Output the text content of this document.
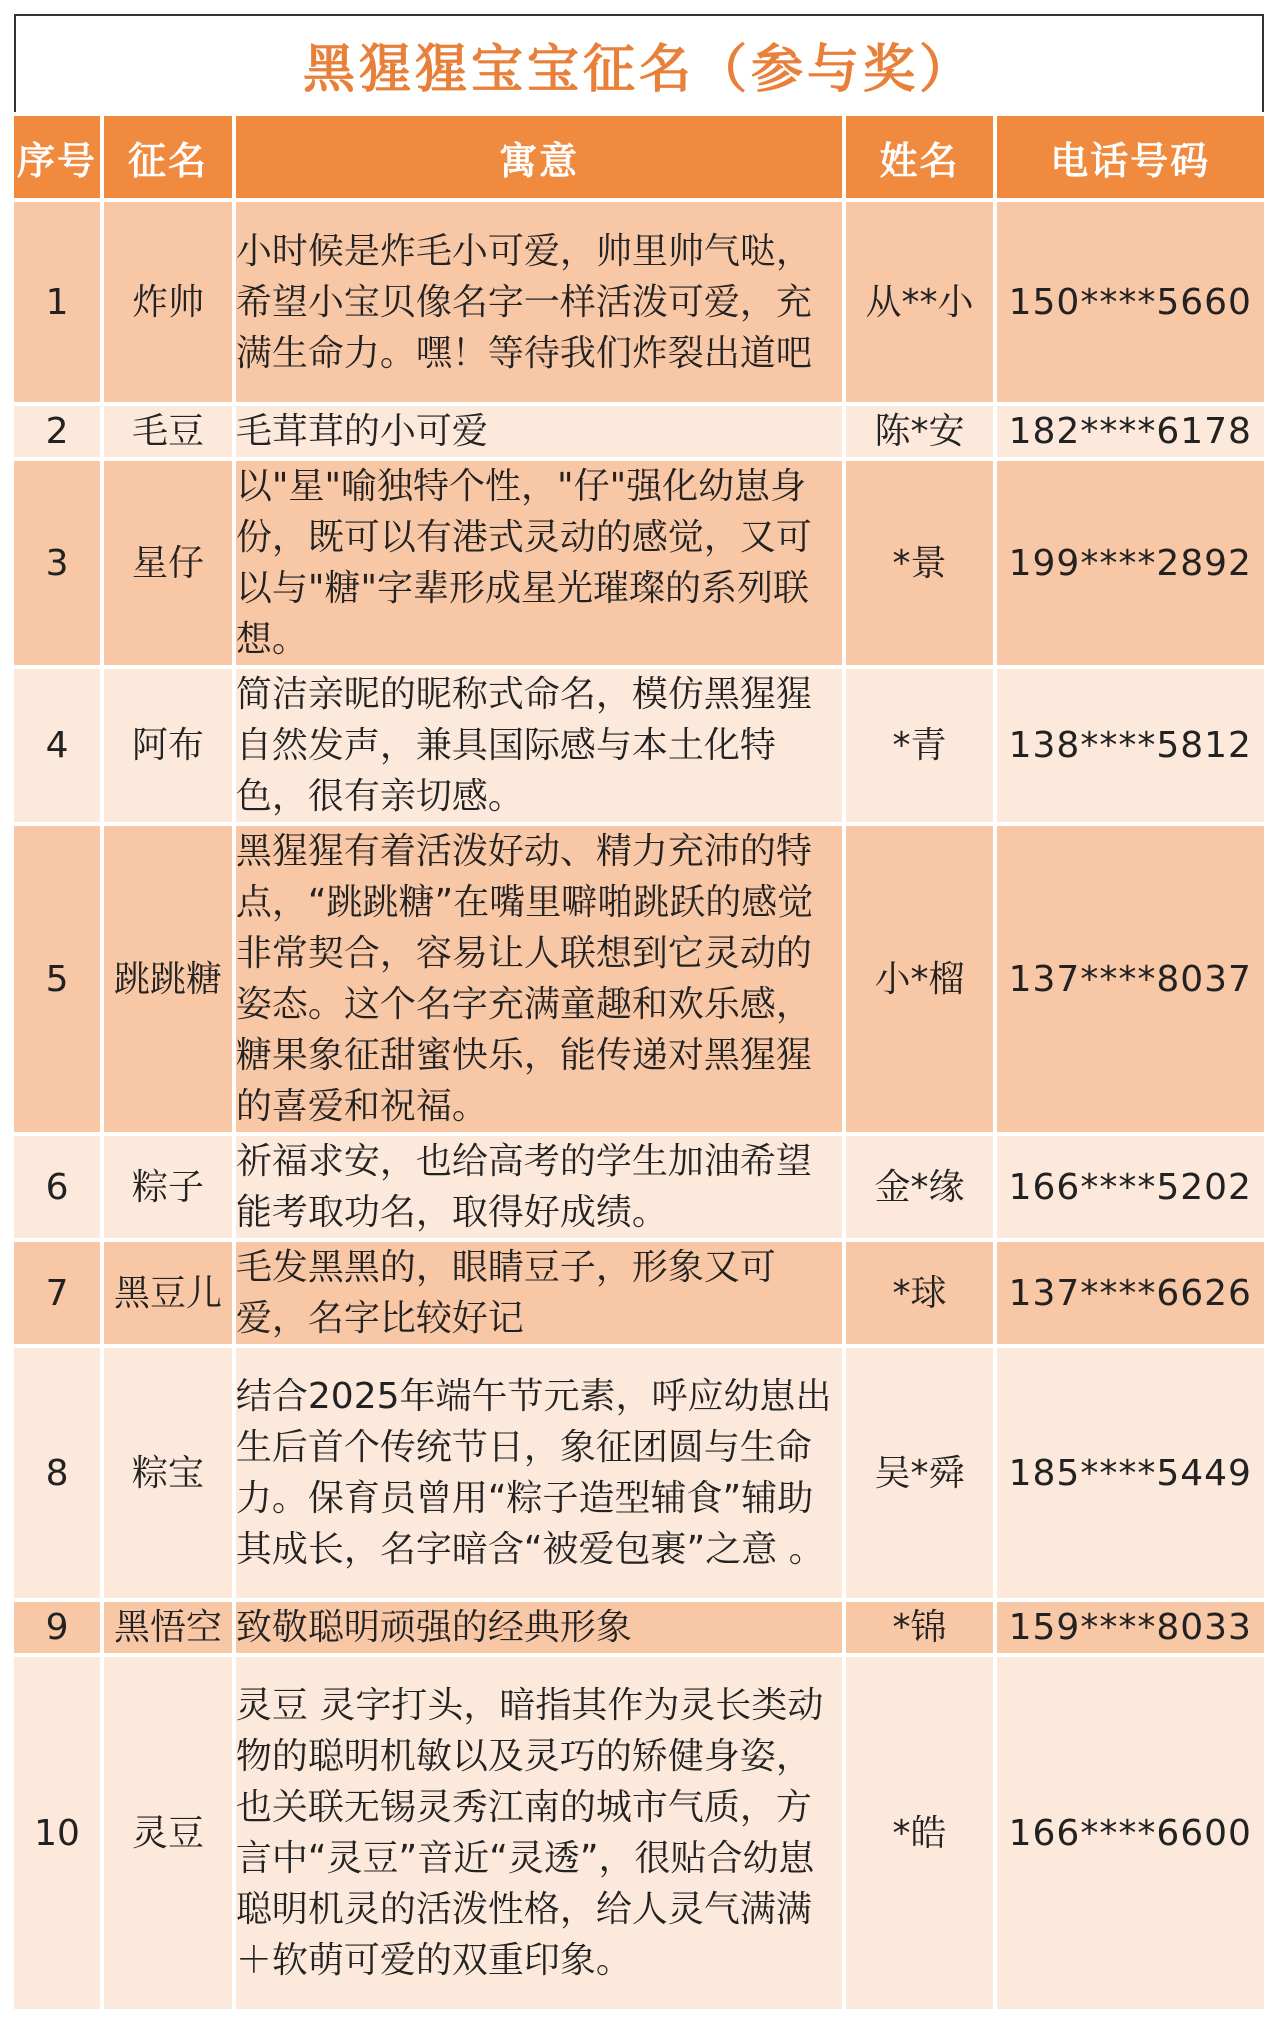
黑猩猩宝宝征名（参与奖）
序号	征名	寓意	姓名	电话号码
1	炸帅	小时候是炸毛小可爱，帅里帅气哒，希望小宝贝像名字一样活泼可爱，充满生命力。嘿！等待我们炸裂出道吧	从**小	150****5660
2	毛豆	毛茸茸的小可爱	陈*安	182****6178
3	星仔	以"星"喻独特个性，"仔"强化幼崽身份，既可以有港式灵动的感觉，又可以与"糖"字辈形成星光璀璨的系列联想。	*景	199****2892
4	阿布	简洁亲昵的昵称式命名，模仿黑猩猩自然发声，兼具国际感与本土化特色，很有亲切感。	*青	138****5812
5	跳跳糖	黑猩猩有着活泼好动、精力充沛的特点，“跳跳糖”在嘴里噼啪跳跃的感觉非常契合，容易让人联想到它灵动的姿态。这个名字充满童趣和欢乐感，糖果象征甜蜜快乐，能传递对黑猩猩的喜爱和祝福。	小*榴	137****8037
6	粽子	祈福求安，也给高考的学生加油希望能考取功名，取得好成绩。	金*缘	166****5202
7	黑豆儿	毛发黑黑的，眼睛豆子，形象又可爱，名字比较好记	*球	137****6626
8	粽宝	结合2025年端午节元素，呼应幼崽出生后首个传统节日，象征团圆与生命力。保育员曾用“粽子造型辅食”辅助其成长，名字暗含“被爱包裹”之意 。	吴*舜	185****5449
9	黑悟空	致敬聪明顽强的经典形象	*锦	159****8033
10	灵豆	灵豆 灵字打头，暗指其作为灵长类动物的聪明机敏以及灵巧的矫健身姿，也关联无锡灵秀江南的城市气质，方言中“灵豆”音近“灵透”，很贴合幼崽聪明机灵的活泼性格，给人灵气满满＋软萌可爱的双重印象。	*皓	166****6600
